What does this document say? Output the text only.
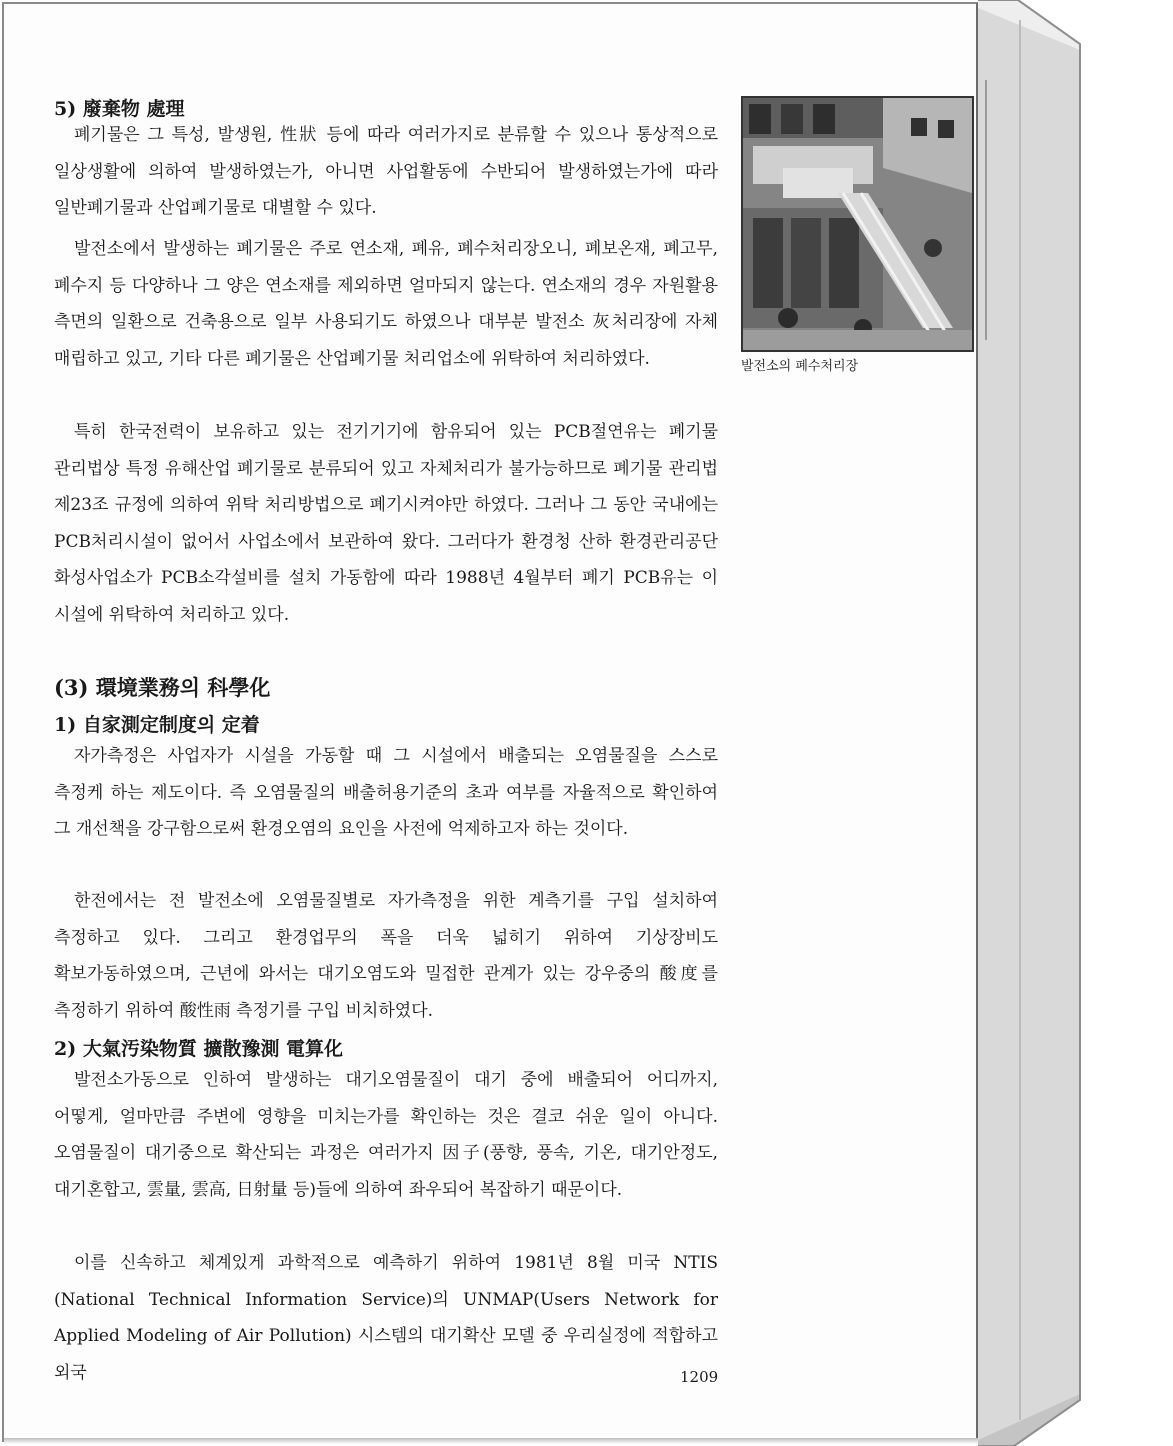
5) 廢棄物 處理

폐기물은 그 특성, 발생원, 性狀 등에 따라 여러가지로 분류할 수 있으나 통상적으로 일상생활에 의하여 발생하였는가, 아니면 사업활동에 수반되어 발생하였는가에 따라 일반폐기물과 산업폐기물로 대별할 수 있다.

발전소에서 발생하는 폐기물은 주로 연소재, 폐유, 폐수처리장오니, 폐보온재, 폐고무, 폐수지 등 다양하나 그 양은 연소재를 제외하면 얼마되지 않는다. 연소재의 경우 자원활용 측면의 일환으로 건축용으로 일부 사용되기도 하였으나 대부분 발전소 灰처리장에 자체 매립하고 있고, 기타 다른 폐기물은 산업폐기물 처리업소에 위탁하여 처리하였다.

특히 한국전력이 보유하고 있는 전기기기에 함유되어 있는 PCB절연유는 폐기물 관리법상 특정 유해산업 폐기물로 분류되어 있고 자체처리가 불가능하므로 폐기물 관리법 제23조 규정에 의하여 위탁 처리방법으로 폐기시켜야만 하였다. 그러나 그 동안 국내에는 PCB처리시설이 없어서 사업소에서 보관하여 왔다. 그러다가 환경청 산하 환경관리공단 화성사업소가 PCB소각설비를 설치 가동함에 따라 1988년 4월부터 폐기 PCB유는 이 시설에 위탁하여 처리하고 있다.

발전소의 폐수처리장
(3) 環境業務의 科學化
1) 自家測定制度의 定着

자가측정은 사업자가 시설을 가동할 때 그 시설에서 배출되는 오염물질을 스스로 측정케 하는 제도이다. 즉 오염물질의 배출허용기준의 초과 여부를 자율적으로 확인하여 그 개선책을 강구함으로써 환경오염의 요인을 사전에 억제하고자 하는 것이다.

한전에서는 전 발전소에 오염물질별로 자가측정을 위한 계측기를 구입 설치하여 측정하고 있다. 그리고 환경업무의 폭을 더욱 넓히기 위하여 기상장비도 확보가동하였으며, 근년에 와서는 대기오염도와 밀접한 관계가 있는 강우중의 酸度를 측정하기 위하여 酸性雨 측정기를 구입 비치하였다.

2) 大氣汚染物質 擴散豫測 電算化

발전소가동으로 인하여 발생하는 대기오염물질이 대기 중에 배출되어 어디까지, 어떻게, 얼마만큼 주변에 영향을 미치는가를 확인하는 것은 결코 쉬운 일이 아니다. 오염물질이 대기중으로 확산되는 과정은 여러가지 因子(풍향, 풍속, 기온, 대기안정도, 대기혼합고, 雲量, 雲高, 日射量 등)들에 의하여 좌우되어 복잡하기 때문이다.

이를 신속하고 체계있게 과학적으로 예측하기 위하여 1981년 8월 미국 NTIS (National Technical Information Service)의 UNMAP(Users Network for Applied Modeling of Air Pollution) 시스템의 대기확산 모델 중 우리실정에 적합하고 외국	1209
